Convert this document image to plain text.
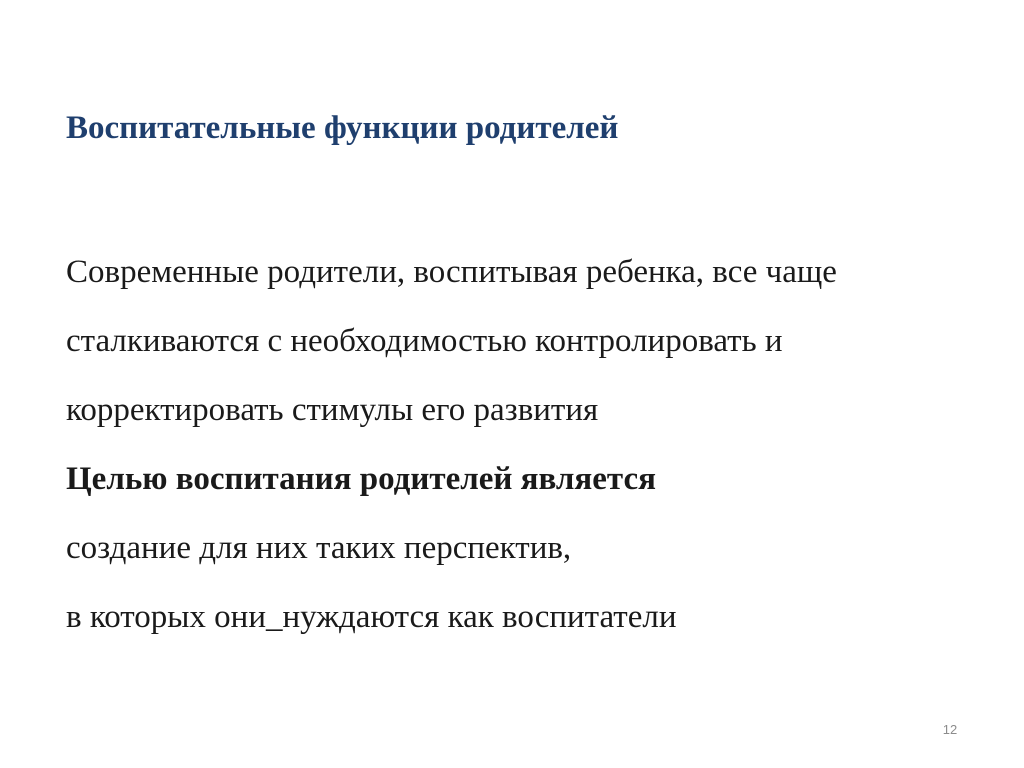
Воспитательные функции родителей
Современные родители, воспитывая ребенка, все чаще
сталкиваются с необходимостью контролировать и
корректировать стимулы его развития
Целью воспитания родителей является
создание для них таких перспектив,
в которых они_нуждаются как воспитатели
12
